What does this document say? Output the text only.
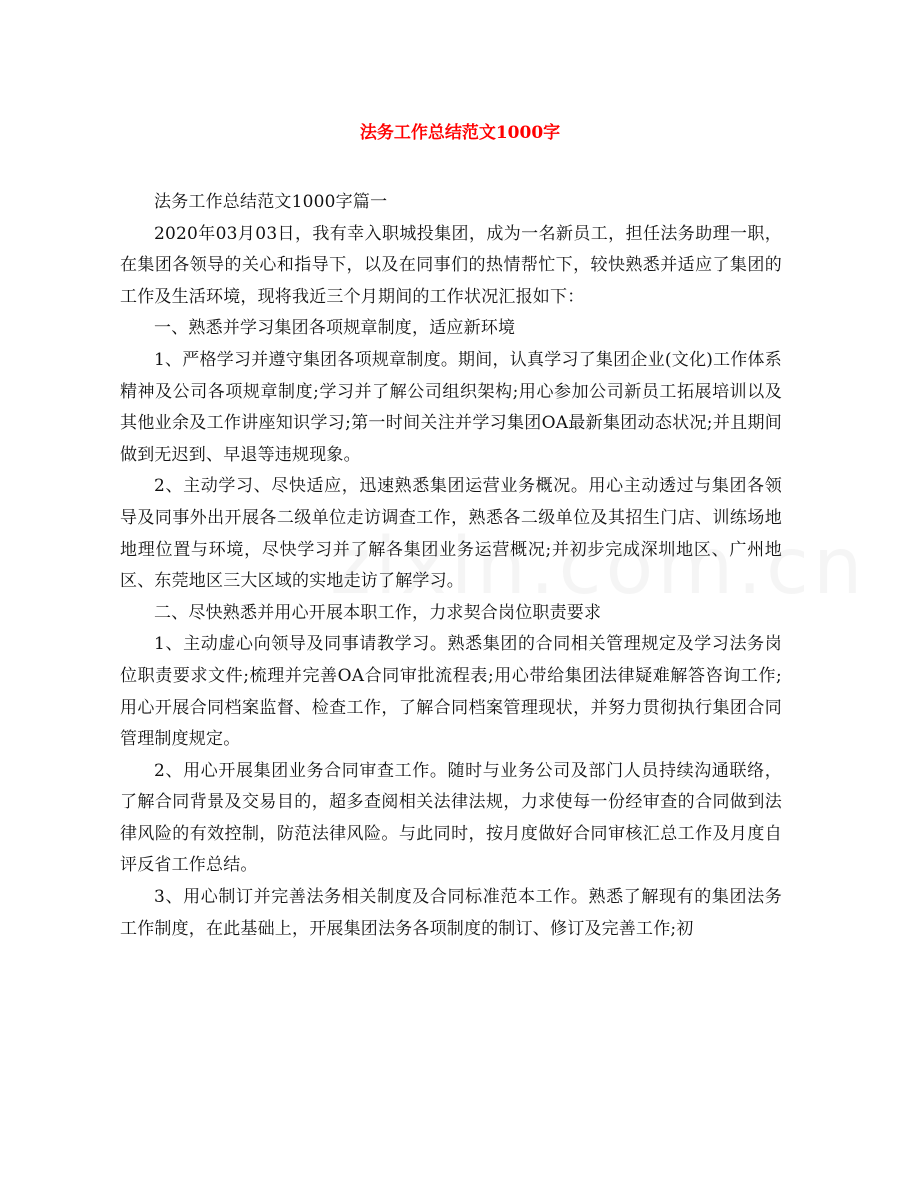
法务工作总结范文1000字

法务工作总结范文1000字篇一

2020年03月03日，我有幸入职城投集团，成为一名新员工，担任法务助理一职，在集团各领导的关心和指导下，以及在同事们的热情帮忙下，较快熟悉并适应了集团的工作及生活环境，现将我近三个月期间的工作状况汇报如下：

一、熟悉并学习集团各项规章制度，适应新环境

1、严格学习并遵守集团各项规章制度。期间，认真学习了集团企业(文化)工作体系精神及公司各项规章制度;学习并了解公司组织架构;用心参加公司新员工拓展培训以及其他业余及工作讲座知识学习;第一时间关注并学习集团OA最新集团动态状况;并且期间做到无迟到、早退等违规现象。

2、主动学习、尽快适应，迅速熟悉集团运营业务概况。用心主动透过与集团各领导及同事外出开展各二级单位走访调查工作，熟悉各二级单位及其招生门店、训练场地地理位置与环境，尽快学习并了解各集团业务运营概况;并初步完成深圳地区、广州地区、东莞地区三大区域的实地走访了解学习。

二、尽快熟悉并用心开展本职工作，力求契合岗位职责要求

1、主动虚心向领导及同事请教学习。熟悉集团的合同相关管理规定及学习法务岗位职责要求文件;梳理并完善OA合同审批流程表;用心带给集团法律疑难解答咨询工作;用心开展合同档案监督、检查工作，了解合同档案管理现状，并努力贯彻执行集团合同管理制度规定。

2、用心开展集团业务合同审查工作。随时与业务公司及部门人员持续沟通联络，了解合同背景及交易目的，超多查阅相关法律法规，力求使每一份经审查的合同做到法律风险的有效控制，防范法律风险。与此同时，按月度做好合同审核汇总工作及月度自评反省工作总结。

3、用心制订并完善法务相关制度及合同标准范本工作。熟悉了解现有的集团法务工作制度，在此基础上，开展集团法务各项制度的制订、修订及完善工作;初
